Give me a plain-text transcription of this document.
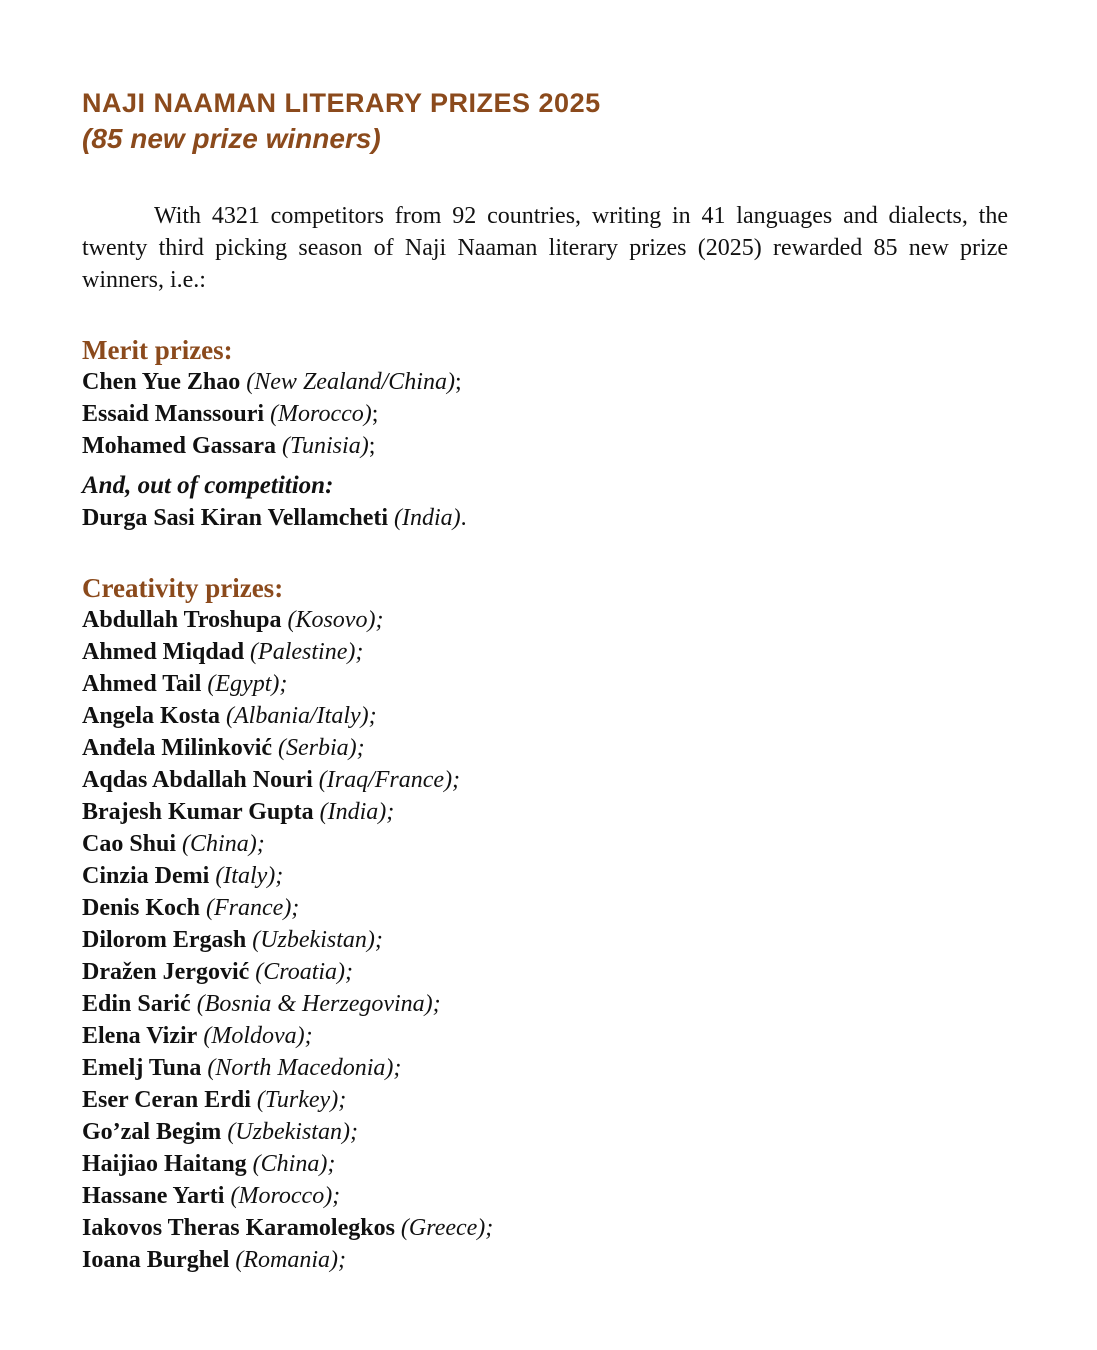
NAJI NAAMAN LITERARY PRIZES 2025
(85 new prize winners)

With 4321 competitors from 92 countries, writing in 41 languages and dialects, the twenty third picking season of Naji Naaman literary prizes (2025) rewarded 85 new prize winners, i.e.:

Merit prizes:
Chen Yue Zhao (New Zealand/China);
Essaid Manssouri (Morocco);
Mohamed Gassara (Tunisia);
And, out of competition:
Durga Sasi Kiran Vellamcheti (India).
Creativity prizes:
Abdullah Troshupa (Kosovo);
Ahmed Miqdad (Palestine);
Ahmed Tail (Egypt);
Angela Kosta (Albania/Italy);
Anđela Milinković (Serbia);
Aqdas Abdallah Nouri (Iraq/France);
Brajesh Kumar Gupta (India);
Cao Shui (China);
Cinzia Demi (Italy);
Denis Koch (France);
Dilorom Ergash (Uzbekistan);
Dražen Jergović (Croatia);
Edin Sarić (Bosnia & Herzegovina);
Elena Vizir (Moldova);
Emelj Tuna (North Macedonia);
Eser Ceran Erdi (Turkey);
Go’zal Begim (Uzbekistan);
Haijiao Haitang (China);
Hassane Yarti (Morocco);
Iakovos Theras Karamolegkos (Greece);
Ioana Burghel (Romania);
